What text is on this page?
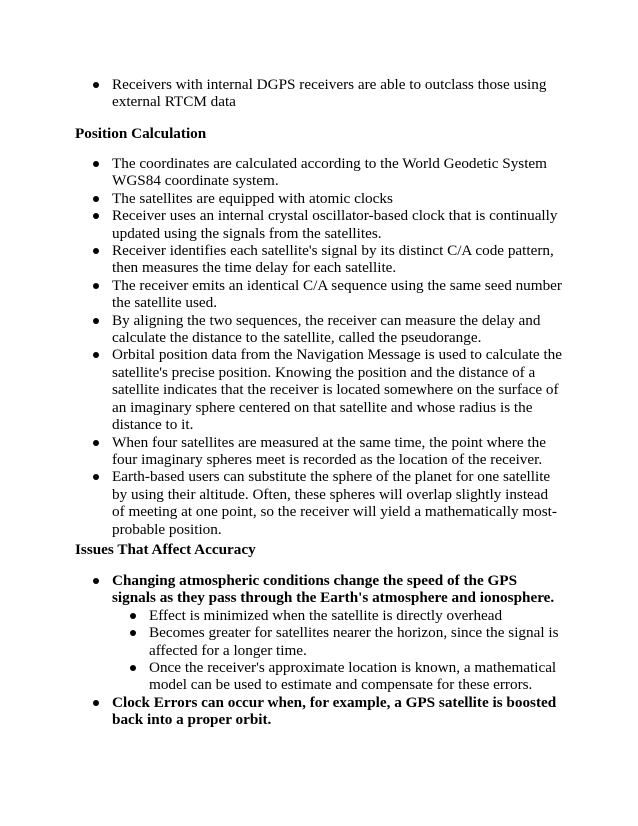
Receivers with internal DGPS receivers are able to outclass those using external RTCM data
Position Calculation
The coordinates are calculated according to the World Geodetic System WGS84 coordinate system.
The satellites are equipped with atomic clocks
Receiver uses an internal crystal oscillator-based clock that is continually updated using the signals from the satellites.
Receiver identifies each satellite's signal by its distinct C/A code pattern, then measures the time delay for each satellite.
The receiver emits an identical C/A sequence using the same seed number the satellite used.
By aligning the two sequences, the receiver can measure the delay and calculate the distance to the satellite, called the pseudorange.
Orbital position data from the Navigation Message is used to calculate the satellite's precise position. Knowing the position and the distance of a satellite indicates that the receiver is located somewhere on the surface of an imaginary sphere centered on that satellite and whose radius is the distance to it.
When four satellites are measured at the same time, the point where the four imaginary spheres meet is recorded as the location of the receiver.
Earth-based users can substitute the sphere of the planet for one satellite by using their altitude. Often, these spheres will overlap slightly instead of meeting at one point, so the receiver will yield a mathematically most-probable position.
Issues That Affect Accuracy
Changing atmospheric conditions change the speed of the GPS signals as they pass through the Earth's atmosphere and ionosphere.
Effect is minimized when the satellite is directly overhead
Becomes greater for satellites nearer the horizon, since the signal is affected for a longer time.
Once the receiver's approximate location is known, a mathematical model can be used to estimate and compensate for these errors.
Clock Errors can occur when, for example, a GPS satellite is boosted back into a proper orbit.
